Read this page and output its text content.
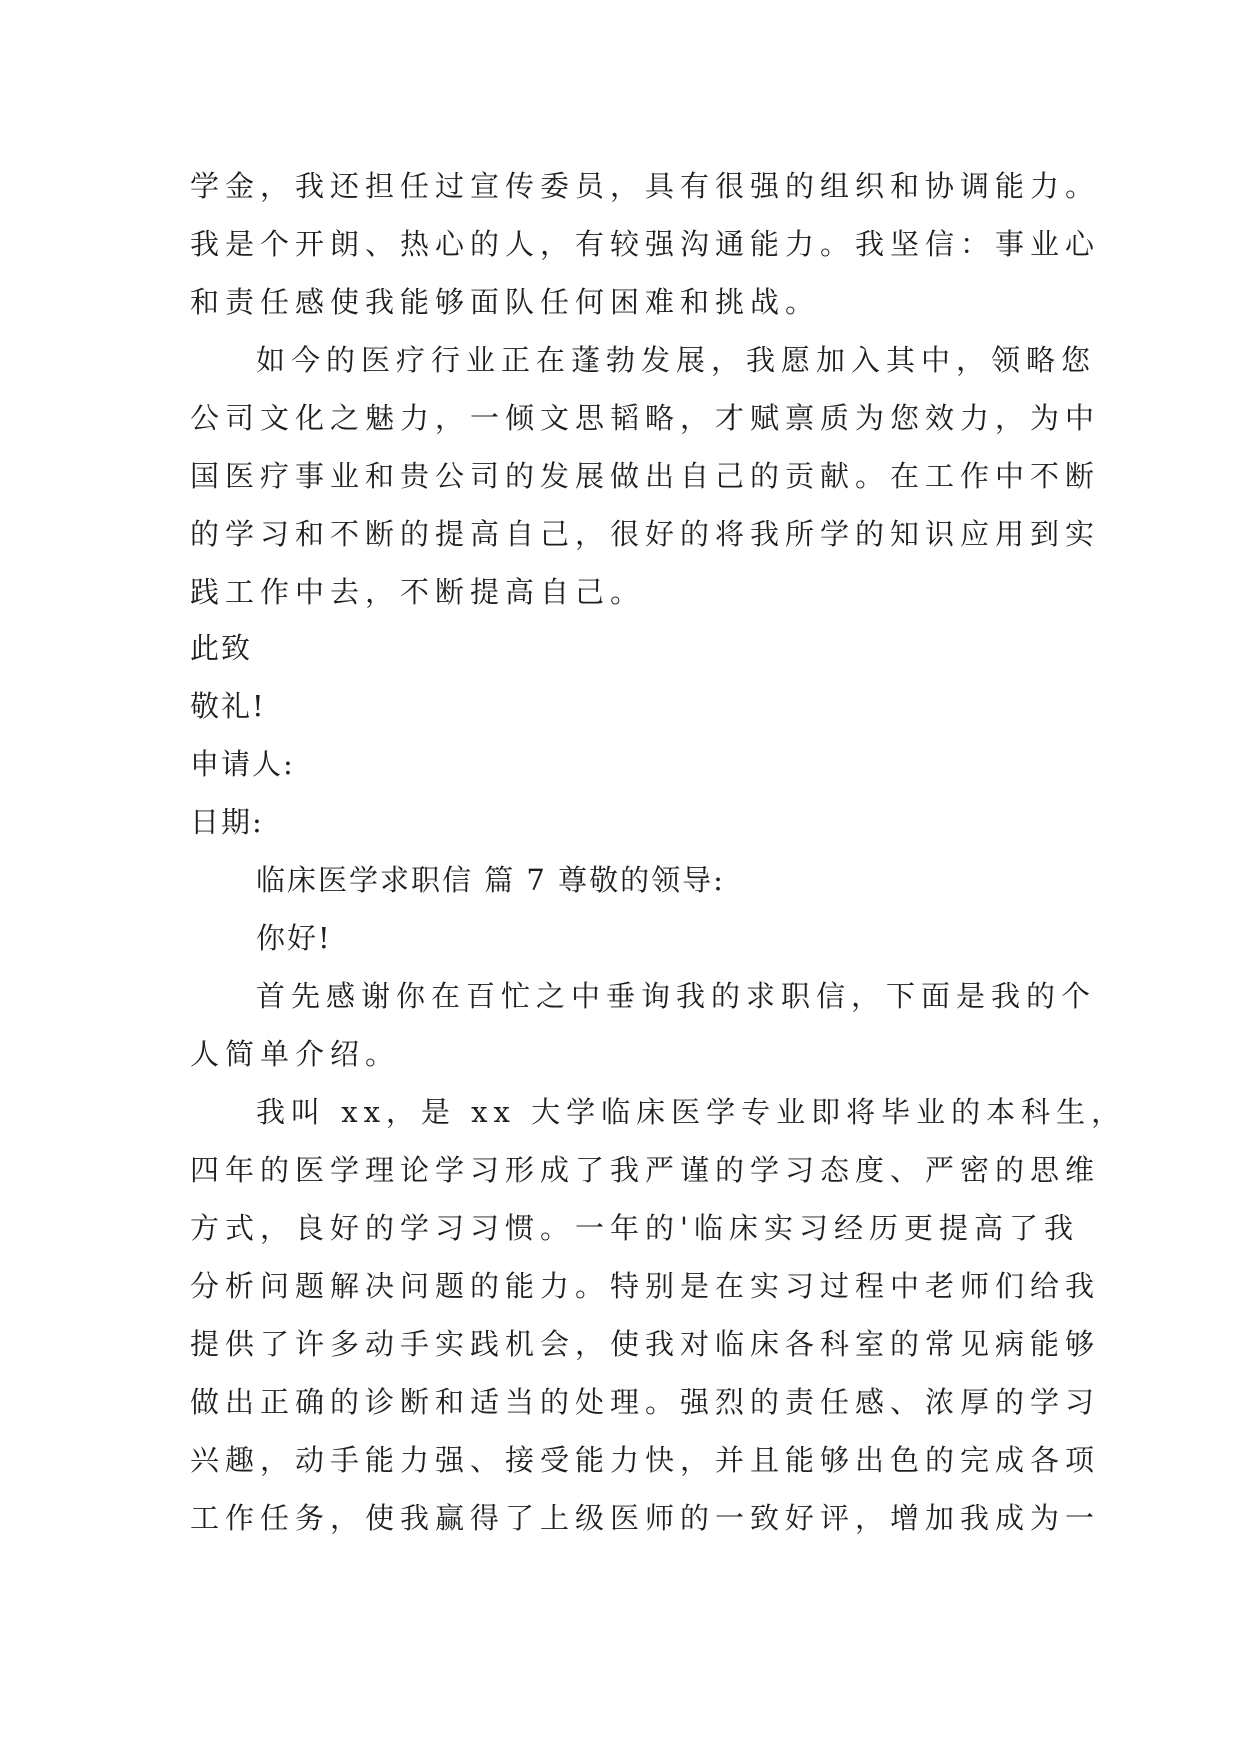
学金，我还担任过宣传委员，具有很强的组织和协调能力。
我是个开朗、热心的人，有较强沟通能力。我坚信：事业心
和责任感使我能够面队任何困难和挑战。
如今的医疗行业正在蓬勃发展，我愿加入其中，领略您
公司文化之魅力，一倾文思韬略，才赋禀质为您效力，为中
国医疗事业和贵公司的发展做出自己的贡献。在工作中不断
的学习和不断的提高自己，很好的将我所学的知识应用到实
践工作中去，不断提高自己。
此致
敬礼!
申请人:
日期:
临床医学求职信 篇 7 尊敬的领导:
你好!
首先感谢你在百忙之中垂询我的求职信，下面是我的个
人简单介绍。
我叫 xx，是 xx 大学临床医学专业即将毕业的本科生，
四年的医学理论学习形成了我严谨的学习态度、严密的思维
方式，良好的学习习惯。一年的'临床实习经历更提高了我
分析问题解决问题的能力。特别是在实习过程中老师们给我
提供了许多动手实践机会，使我对临床各科室的常见病能够
做出正确的诊断和适当的处理。强烈的责任感、浓厚的学习
兴趣，动手能力强、接受能力快，并且能够出色的完成各项
工作任务，使我赢得了上级医师的一致好评，增加我成为一
